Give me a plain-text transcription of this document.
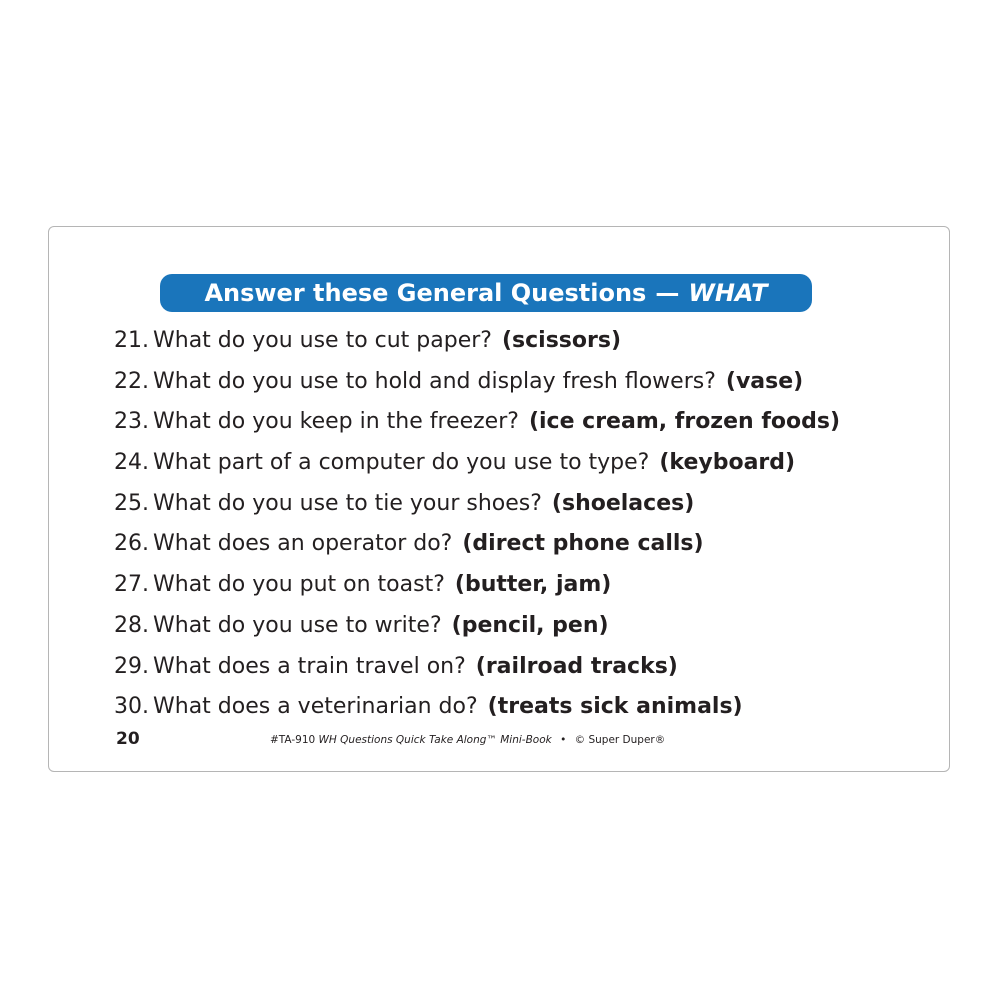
Answer these General Questions — WHAT
21. What do you use to cut paper? (scissors)
22. What do you use to hold and display fresh flowers? (vase)
23. What do you keep in the freezer? (ice cream, frozen foods)
24. What part of a computer do you use to type? (keyboard)
25. What do you use to tie your shoes? (shoelaces)
26. What does an operator do? (direct phone calls)
27. What do you put on toast? (butter, jam)
28. What do you use to write? (pencil, pen)
29. What does a train travel on? (railroad tracks)
30. What does a veterinarian do? (treats sick animals)
20	#TA-910 WH Questions Quick Take Along™ Mini-Book • © Super Duper®
